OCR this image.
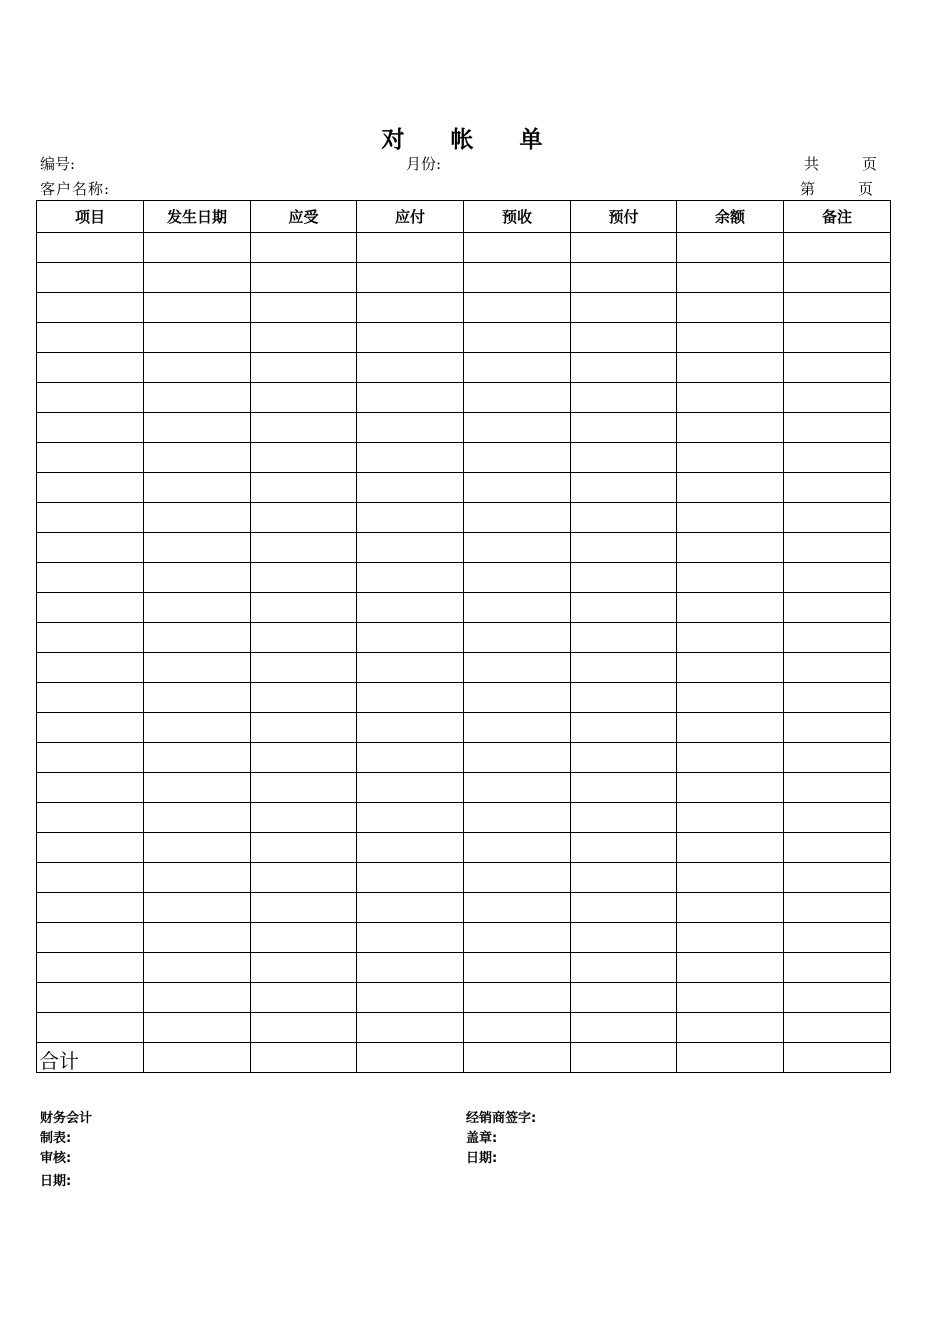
对 帐 单
编号:	月份:	共	页
客户名称:	第	页
项目	发生日期	应受	应付	预收	预付	余额	备注

合计							
财务会计
制表:
审核:
日期:
经销商签字:
盖章:
日期:
